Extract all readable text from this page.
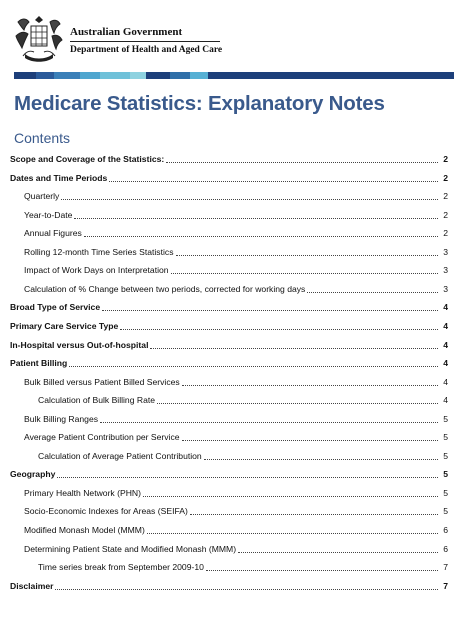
Australian Government
Department of Health and Aged Care
Medicare Statistics: Explanatory Notes
Contents
Scope and Coverage of the Statistics:	2
Dates and Time Periods	2
Quarterly	2
Year-to-Date	2
Annual Figures	2
Rolling 12-month Time Series Statistics	3
Impact of Work Days on Interpretation	3
Calculation of % Change between two periods, corrected for working days	3
Broad Type of Service	4
Primary Care Service Type	4
In-Hospital versus Out-of-hospital	4
Patient Billing	4
Bulk Billed versus Patient Billed Services	4
Calculation of Bulk Billing Rate	4
Bulk Billing Ranges	5
Average Patient Contribution per Service	5
Calculation of Average Patient Contribution	5
Geography	5
Primary Health Network (PHN)	5
Socio-Economic Indexes for Areas (SEIFA)	5
Modified Monash Model (MMM)	6
Determining Patient State and Modified Monash (MMM)	6
Time series break from September 2009-10	7
Disclaimer	7
